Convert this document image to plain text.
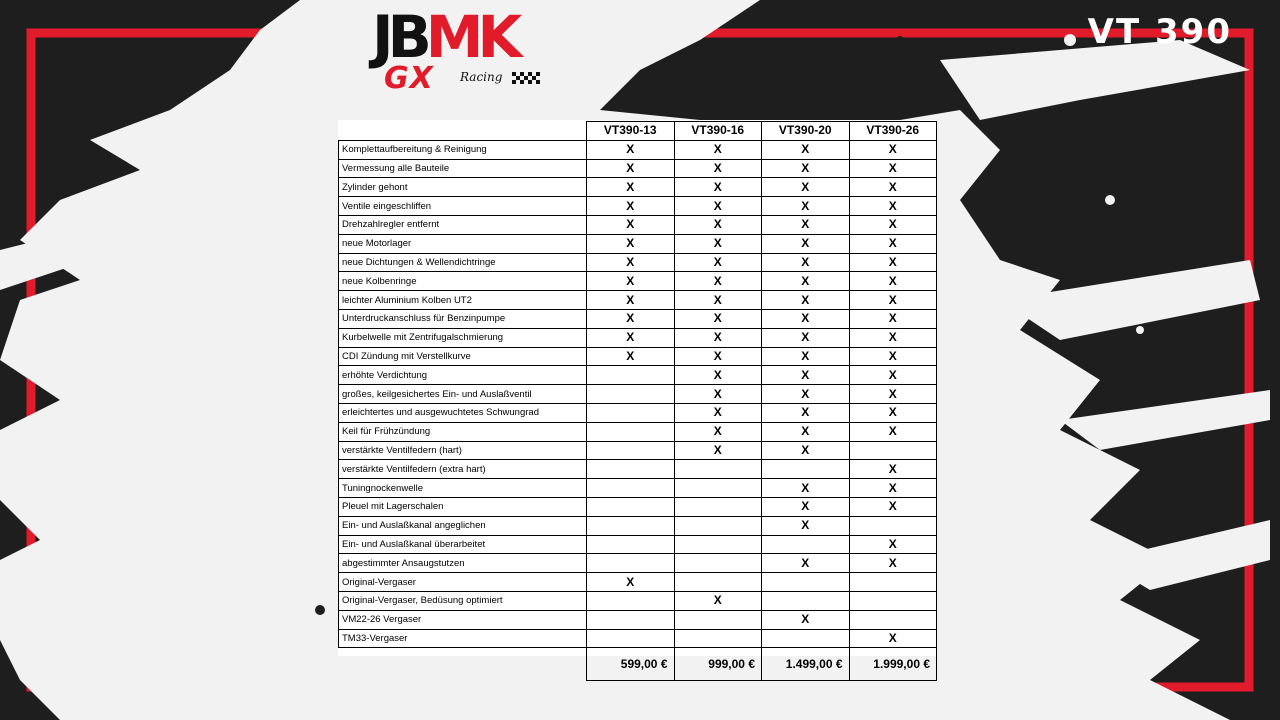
JBMK
GX Racing
VT 390
	VT390-13	VT390-16	VT390-20	VT390-26
Komplettaufbereitung & Reinigung	X	X	X	X
Vermessung alle Bauteile	X	X	X	X
Zylinder gehont	X	X	X	X
Ventile eingeschliffen	X	X	X	X
Drehzahlregler entfernt	X	X	X	X
neue Motorlager	X	X	X	X
neue Dichtungen & Wellendichtringe	X	X	X	X
neue Kolbenringe	X	X	X	X
leichter Aluminium Kolben UT2	X	X	X	X
Unterdruckanschluss für Benzinpumpe	X	X	X	X
Kurbelwelle mit Zentrifugalschmierung	X	X	X	X
CDI Zündung mit Verstellkurve	X	X	X	X
erhöhte Verdichtung		X	X	X
großes, keilgesichertes Ein- und Auslaßventil		X	X	X
erleichtertes und ausgewuchtetes Schwungrad		X	X	X
Keil für Frühzündung		X	X	X
verstärkte Ventilfedern (hart)		X	X	
verstärkte Ventilfedern (extra hart)				X
Tuningnockenwelle			X	X
Pleuel mit Lagerschalen			X	X
Ein- und Auslaßkanal angeglichen			X	
Ein- und Auslaßkanal überarbeitet				X
abgestimmter Ansaugstutzen			X	X
Original-Vergaser	X			
Original-Vergaser, Bedüsung optimiert		X		
VM22-26 Vergaser			X	
TM33-Vergaser				X
	599,00 €	999,00 €	1.499,00 €	1.999,00 €
